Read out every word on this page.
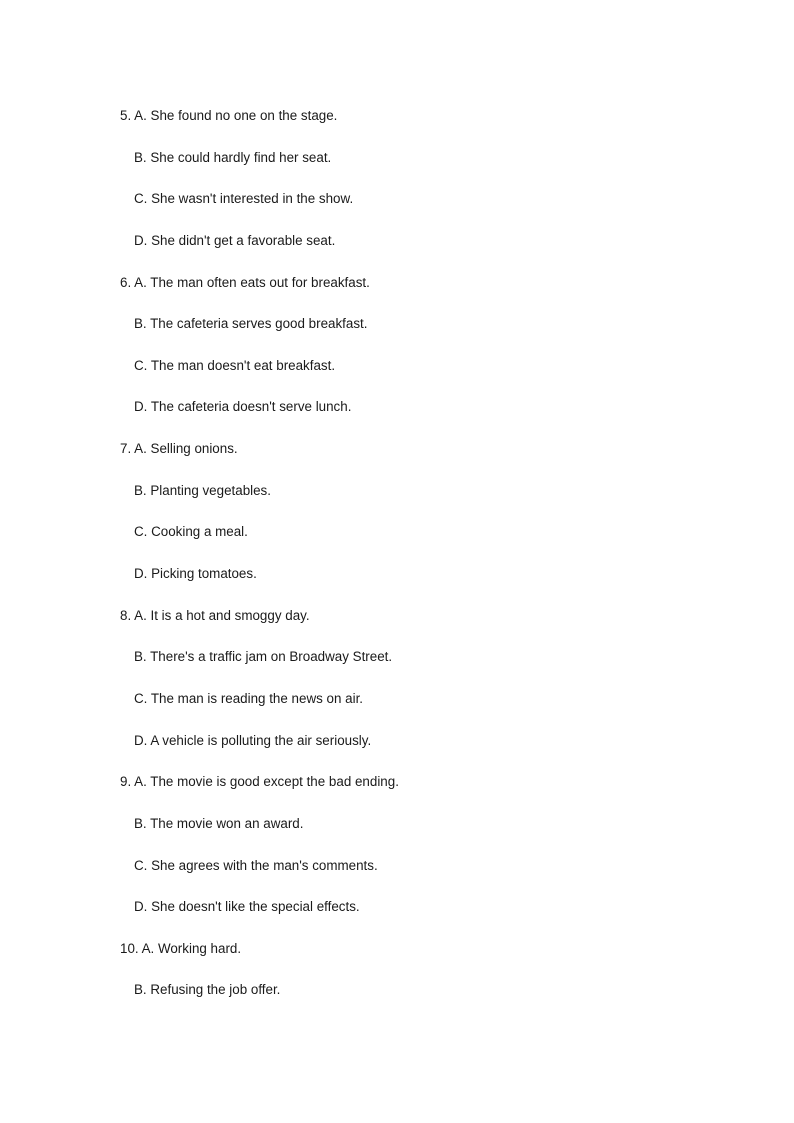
5. A. She found no one on the stage.
B. She could hardly find her seat.
C. She wasn't interested in the show.
D. She didn't get a favorable seat.
6. A. The man often eats out for breakfast.
B. The cafeteria serves good breakfast.
C. The man doesn't eat breakfast.
D. The cafeteria doesn't serve lunch.
7. A. Selling onions.
B. Planting vegetables.
C. Cooking a meal.
D. Picking tomatoes.
8. A. It is a hot and smoggy day.
B. There's a traffic jam on Broadway Street.
C. The man is reading the news on air.
D. A vehicle is polluting the air seriously.
9. A. The movie is good except the bad ending.
B. The movie won an award.
C. She agrees with the man's comments.
D. She doesn't like the special effects.
10. A. Working hard.
B. Refusing the job offer.
